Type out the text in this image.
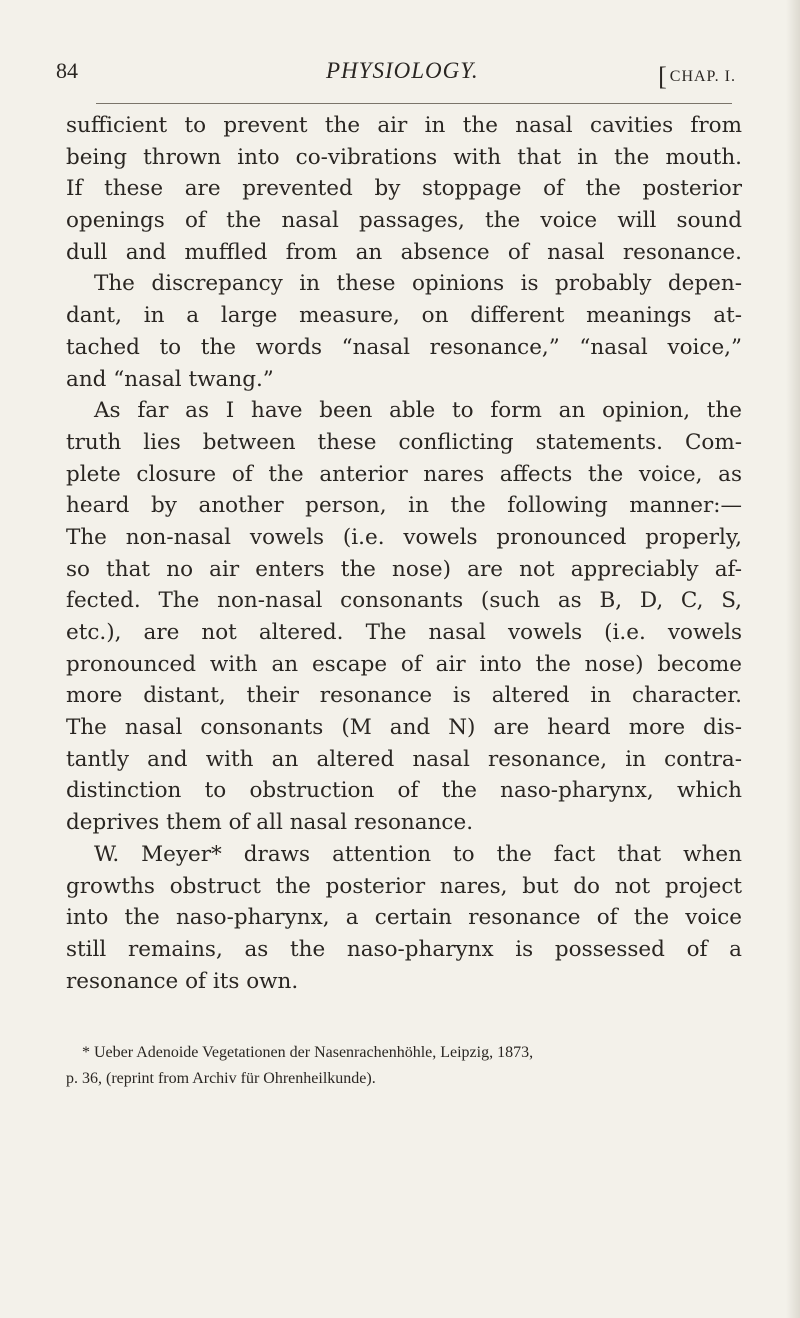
84	PHYSIOLOGY.	[ CHAP. I.
sufficient to prevent the air in the nasal cavities from
being thrown into co-vibrations with that in the mouth.
If these are prevented by stoppage of the posterior
openings of the nasal passages, the voice will sound
dull and muffled from an absence of nasal resonance.
The discrepancy in these opinions is probably depen-
dant, in a large measure, on different meanings at-
tached to the words “nasal resonance,” “nasal voice,”
and “nasal twang.”
As far as I have been able to form an opinion, the
truth lies between these conflicting statements. Com-
plete closure of the anterior nares affects the voice, as
heard by another person, in the following manner:—
The non-nasal vowels (i.e. vowels pronounced properly,
so that no air enters the nose) are not appreciably af-
fected. The non-nasal consonants (such as B, D, C, S,
etc.), are not altered. The nasal vowels (i.e. vowels
pronounced with an escape of air into the nose) become
more distant, their resonance is altered in character.
The nasal consonants (M and N) are heard more dis-
tantly and with an altered nasal resonance, in contra-
distinction to obstruction of the naso-pharynx, which
deprives them of all nasal resonance.
W. Meyer* draws attention to the fact that when
growths obstruct the posterior nares, but do not project
into the naso-pharynx, a certain resonance of the voice
still remains, as the naso-pharynx is possessed of a
resonance of its own.
* Ueber Adenoide Vegetationen der Nasenrachenhöhle, Leipzig, 1873,
p. 36, (reprint from Archiv für Ohrenheilkunde).
